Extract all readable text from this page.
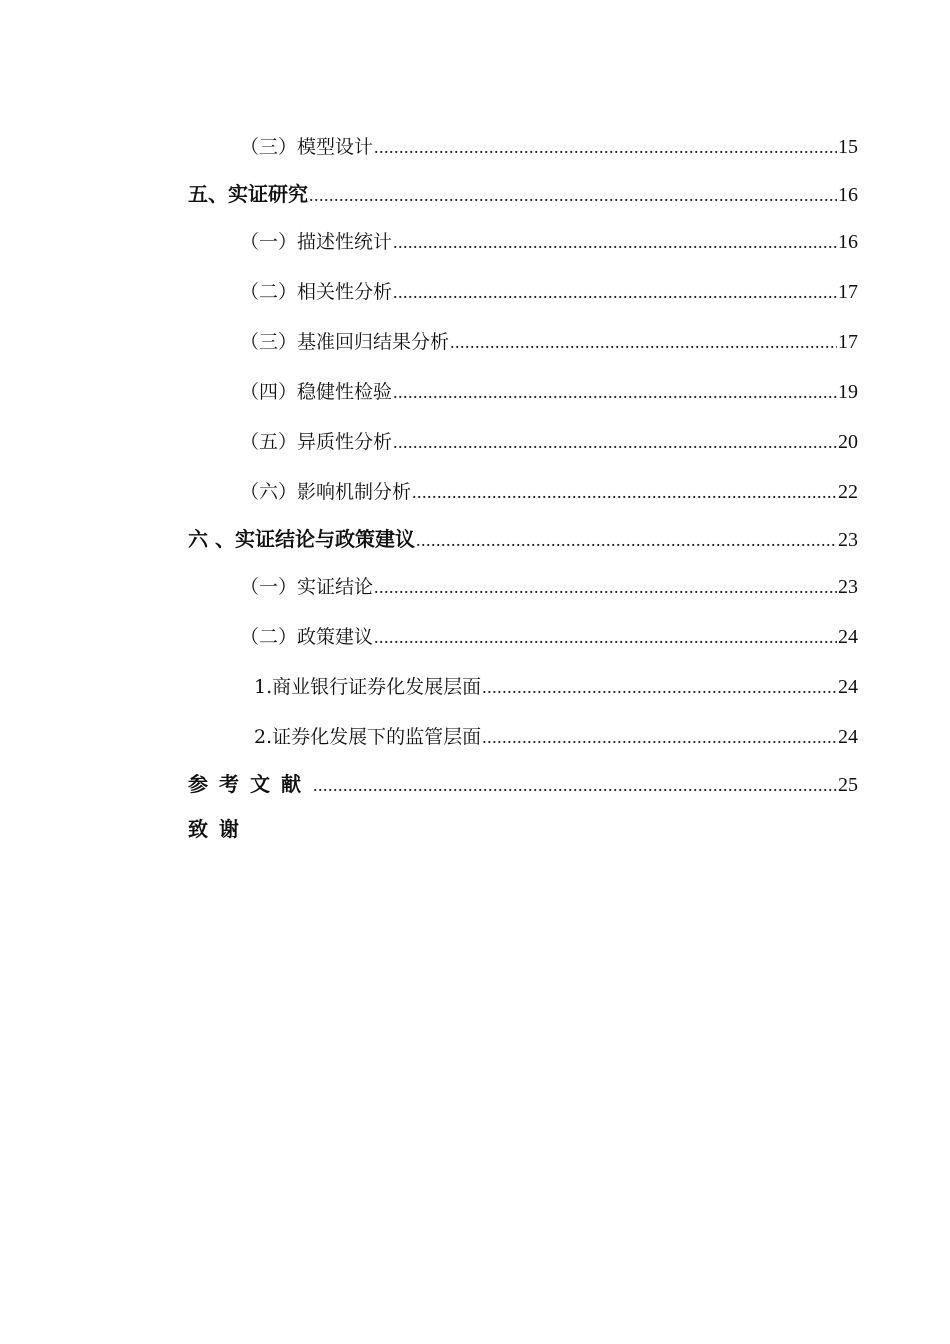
（三）模型设计 .....	15
五、实证研究 .....	16
（一）描述性统计 .....	16
（二）相关性分析 .....	17
（三）基准回归结果分析 .....	17
（四）稳健性检验 .....	19
（五）异质性分析 .....	20
（六）影响机制分析 .....	22
六 、实证结论与政策建议 .....	23
（一）实证结论 .....	23
（二）政策建议 .....	24
1.商业银行证券化发展层面 .....	24
2.证券化发展下的监管层面 .....	24
参考文献 .....	25
致谢
